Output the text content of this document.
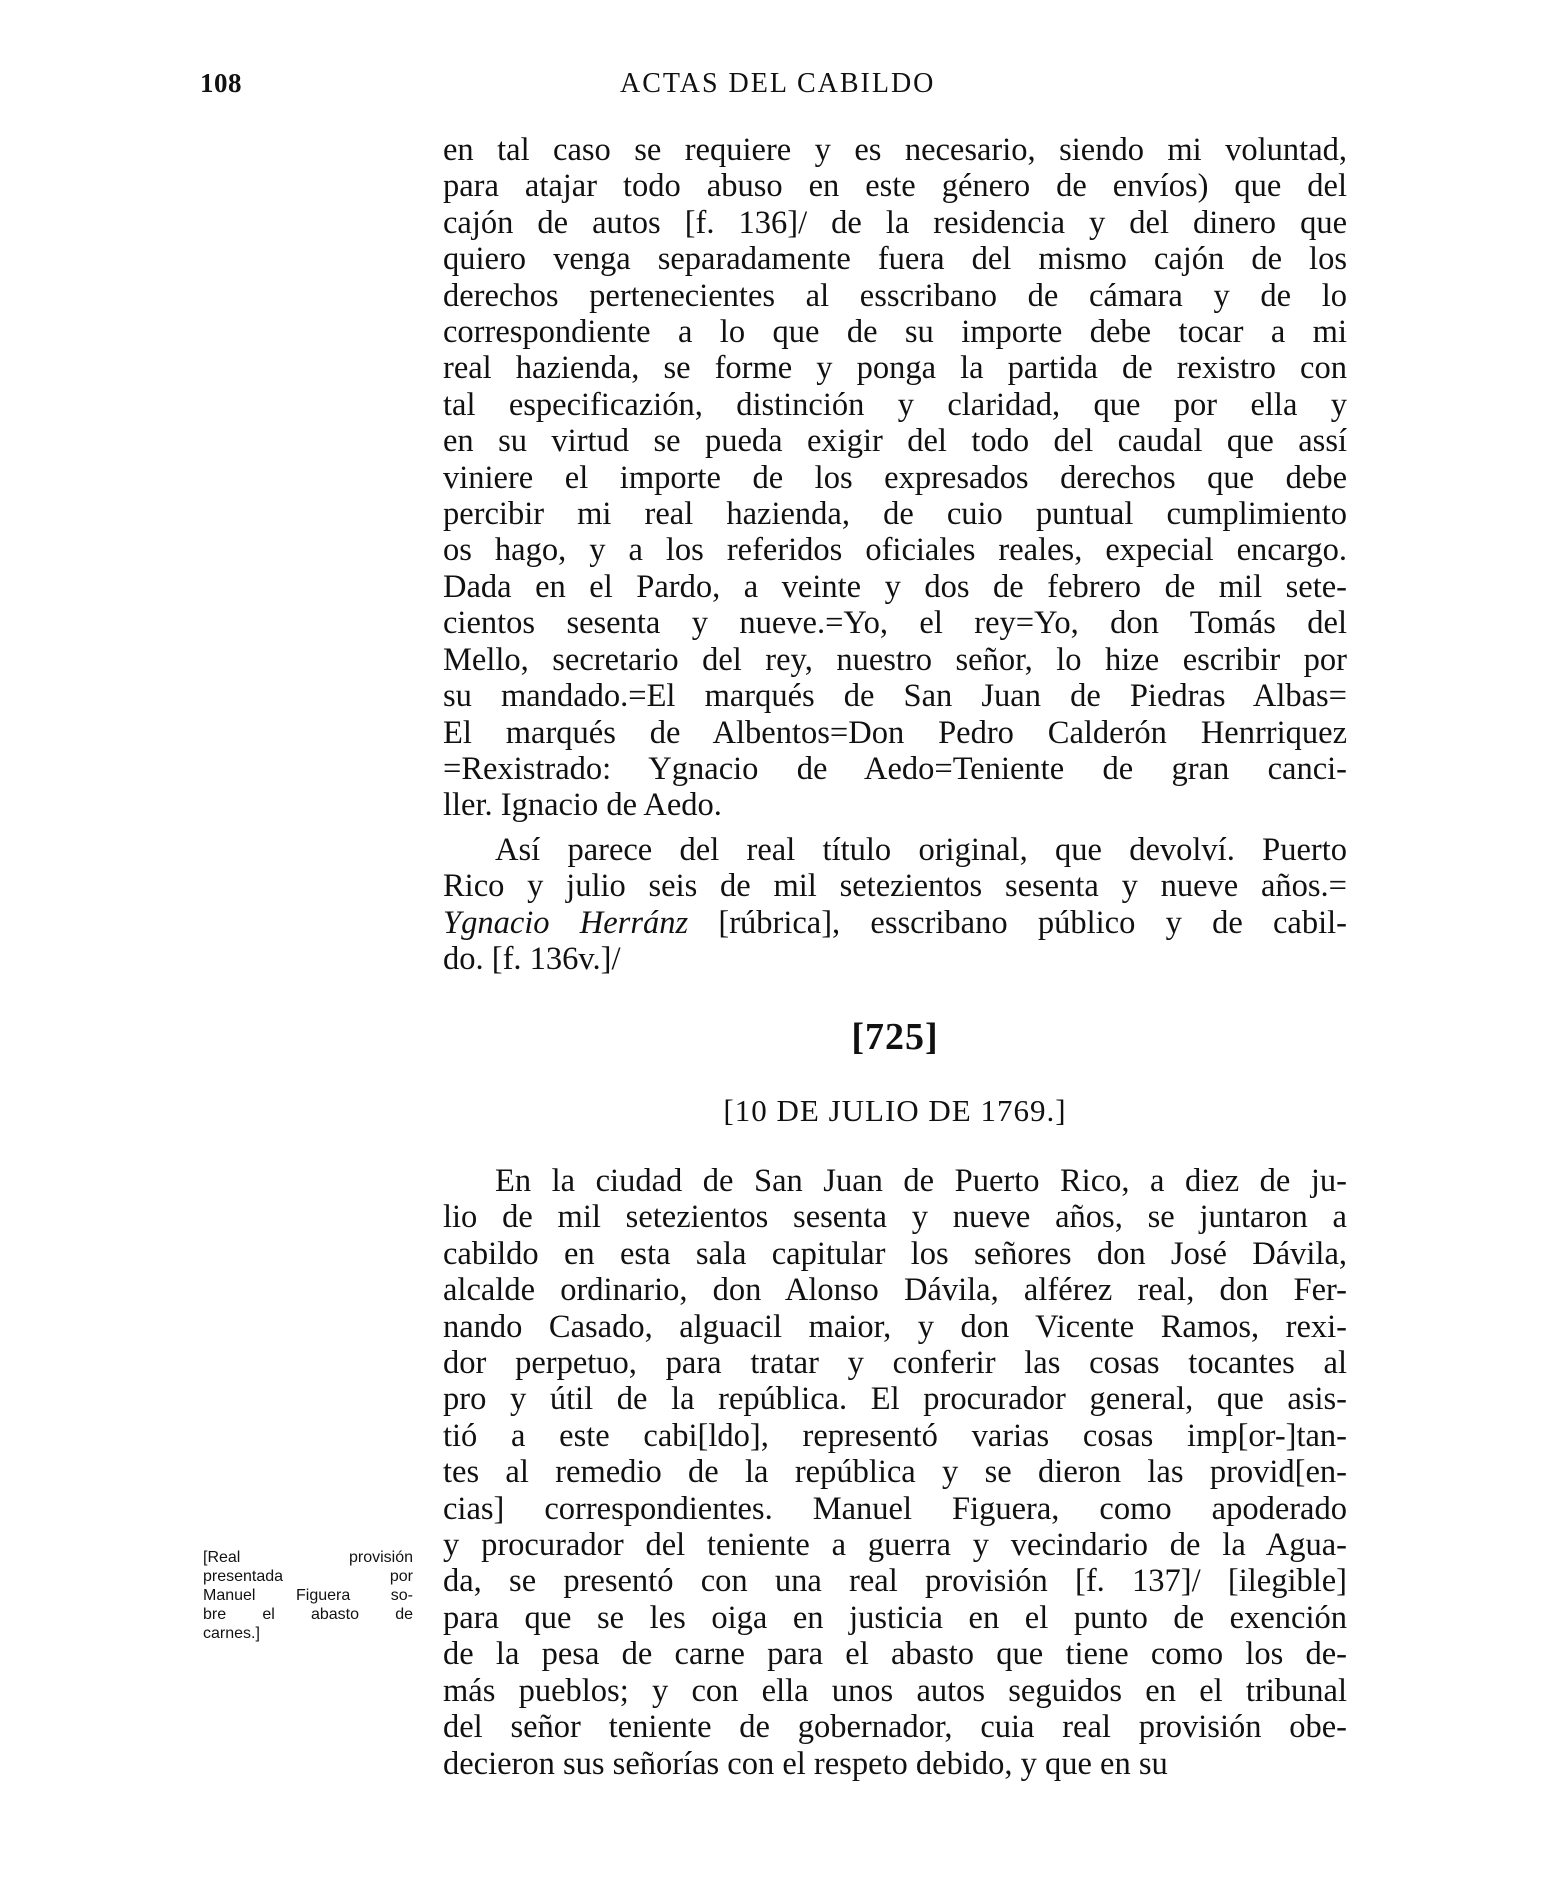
108	ACTAS DEL CABILDO

en tal caso se requiere y es necesario, siendo mi voluntad,
para atajar todo abuso en este género de envíos) que del
cajón de autos [f. 136]/ de la residencia y del dinero que
quiero venga separadamente fuera del mismo cajón de los
derechos pertenecientes al esscribano de cámara y de lo
correspondiente a lo que de su importe debe tocar a mi
real hazienda, se forme y ponga la partida de rexistro con
tal especificazión, distinción y claridad, que por ella y
en su virtud se pueda exigir del todo del caudal que assí
viniere el importe de los expresados derechos que debe
percibir mi real hazienda, de cuio puntual cumplimiento
os hago, y a los referidos oficiales reales, expecial encargo.
Dada en el Pardo, a veinte y dos de febrero de mil sete-
cientos sesenta y nueve.=Yo, el rey=Yo, don Tomás del
Mello, secretario del rey, nuestro señor, lo hize escribir por
su mandado.=El marqués de San Juan de Piedras Albas=
El marqués de Albentos=Don Pedro Calderón Henrriquez
=Rexistrado: Ygnacio de Aedo=Teniente de gran canci-
ller. Ignacio de Aedo.

Así parece del real título original, que devolví. Puerto
Rico y julio seis de mil setezientos sesenta y nueve años.=
Ygnacio Herránz [rúbrica], esscribano público y de cabil-
do. [f. 136v.]/

[725]
[10 DE JULIO DE 1769.]

En la ciudad de San Juan de Puerto Rico, a diez de ju-
lio de mil setezientos sesenta y nueve años, se juntaron a
cabildo en esta sala capitular los señores don José Dávila,
alcalde ordinario, don Alonso Dávila, alférez real, don Fer-
nando Casado, alguacil maior, y don Vicente Ramos, rexi-
dor perpetuo, para tratar y conferir las cosas tocantes al
pro y útil de la república. El procurador general, que asis-
tió a este cabi[ldo], representó varias cosas imp[or-]tan-
tes al remedio de la república y se dieron las provid[en-
cias] correspondientes. Manuel Figuera, como apoderado
y procurador del teniente a guerra y vecindario de la Agua-
da, se presentó con una real provisión [f. 137]/ [ilegible]
para que se les oiga en justicia en el punto de exención
de la pesa de carne para el abasto que tiene como los de-
más pueblos; y con ella unos autos seguidos en el tribunal
del señor teniente de gobernador, cuia real provisión obe-
decieron sus señorías con el respeto debido, y que en su

[Real provisión
presentada por
Manuel Figuera so-
bre el abasto de
carnes.]
